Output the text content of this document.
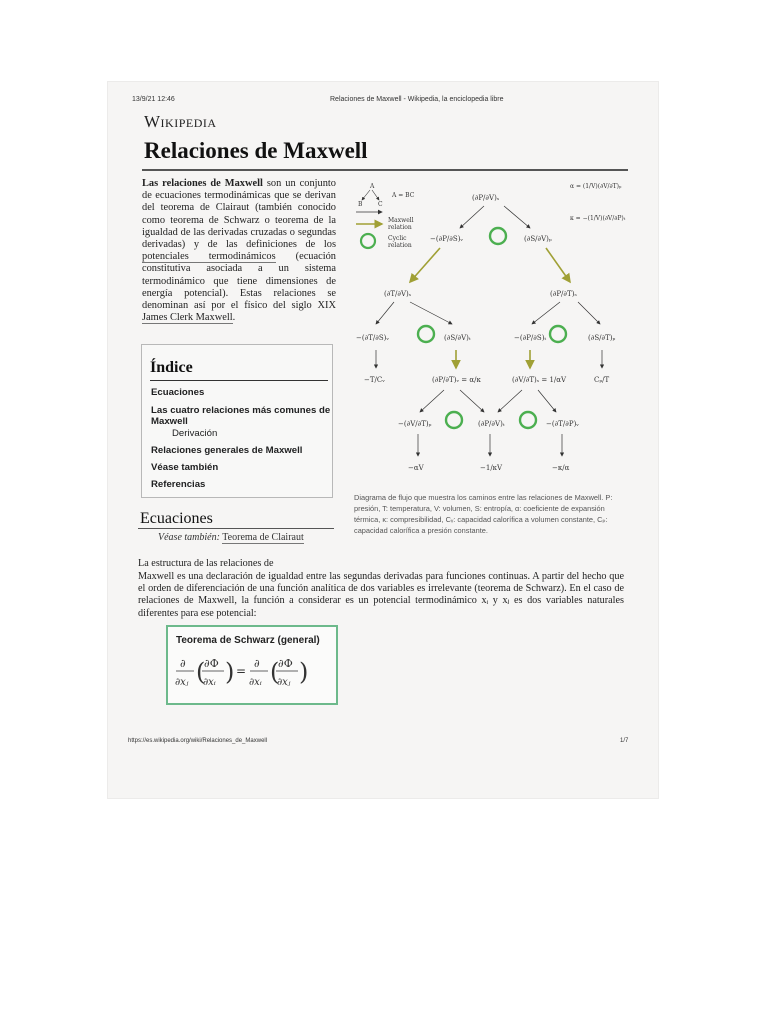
13/9/21 12:46	Relaciones de Maxwell - Wikipedia, la enciclopedia libre
Wikipedia
Relaciones de Maxwell
Las relaciones de Maxwell son un conjunto de ecuaciones termodinámicas que se derivan del teorema de Clairaut (también conocido como teorema de Schwarz o teorema de la igualdad de las derivadas cruzadas o segundas derivadas) y de las definiciones de los potenciales termodinámicos (ecuación constitutiva asociada a un sistema termodinámico que tiene dimensiones de energía potencial). Estas relaciones se denominan así por el físico del siglo XIX James Clerk Maxwell.
Índice
Ecuaciones
Las cuatro relaciones más comunes de Maxwell
Derivación
Relaciones generales de Maxwell
Véase también
Referencias
Ecuaciones
Véase también: Teorema de Clairaut
La estructura de las relaciones de
Maxwell es una declaración de igualdad entre las segundas derivadas para funciones continuas. A partir del hecho que el orden de diferenciación de una función analítica de dos variables es irrelevante (teorema de Schwarz). En el caso de relaciones de Maxwell, la función a considerar es un potencial termodinámico xᵢ y xⱼ es dos variables naturales diferentes para ese potencial:
Teorema de Schwarz (general)
∂
∂xⱼ (
∂Φ
∂xᵢ ) =
∂
∂xᵢ (
∂Φ
∂xⱼ )
A
B	C
A = BC
Maxwell
relation
Cyclic
relation
α = (1/V)(∂V/∂T)ₚ
κ = −(1/V)(∂V/∂P)ₜ
(∂P/∂V)ₛ
−(∂P/∂S)ᵥ	(∂S/∂V)ₚ
(∂T/∂V)ₛ	(∂P/∂T)ₛ
−(∂T/∂S)ᵥ	(∂S/∂V)ₜ	−(∂P/∂S)ₜ	(∂S/∂T)ₚ
−T/Cᵥ	(∂P/∂T)ᵥ = α/κ	(∂V/∂T)ₛ = 1/αV	Cₚ/T
−(∂V/∂T)ₚ	(∂P/∂V)ₜ	−(∂T/∂P)ᵥ
−αV	−1/κV	−κ/α
Diagrama de flujo que muestra los caminos entre las relaciones de Maxwell. P: presión, T: temperatura, V: volumen, S: entropía, α: coeficiente de expansión térmica, κ: compresibilidad, Cᵥ: capacidad calorífica a volumen constante, Cₚ: capacidad calorífica a presión constante.
https://es.wikipedia.org/wiki/Relaciones_de_Maxwell	1/7
